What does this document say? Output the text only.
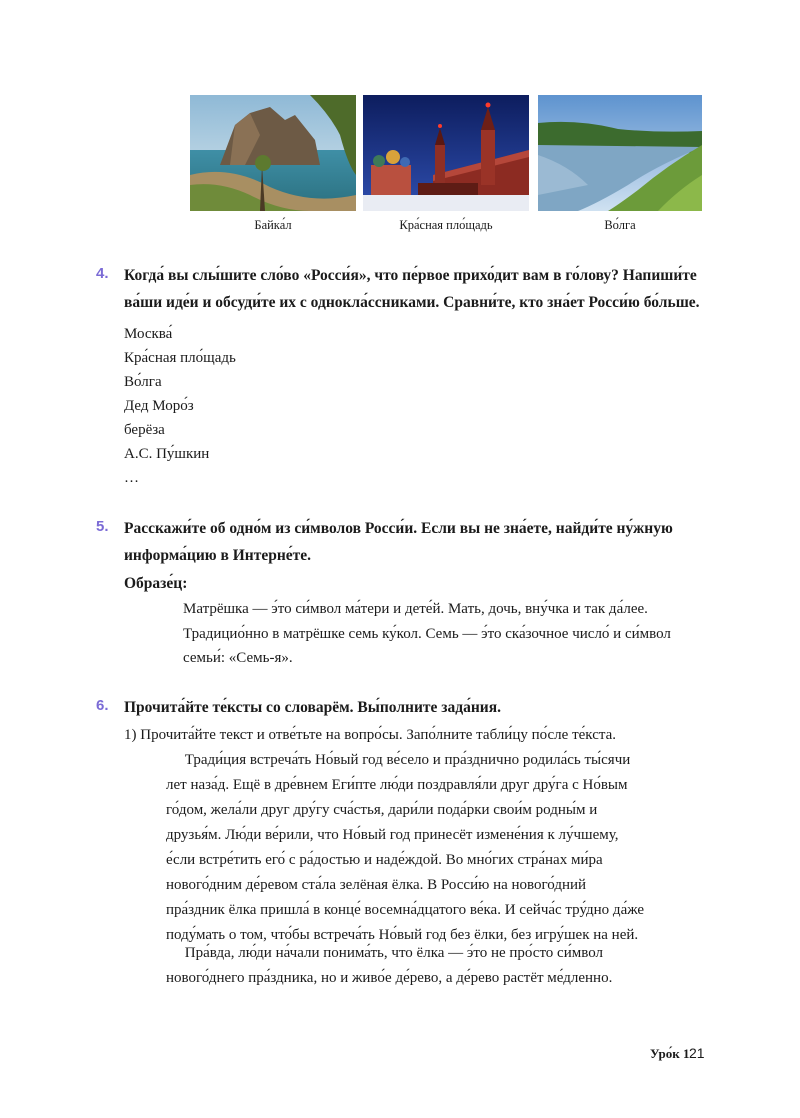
Байка́л	Кра́сная пло́щадь	Во́лга
4. Когда́ вы слы́шите сло́во «Росси́я», что пе́рвое прихо́дит вам в го́лову? Напиши́те
ва́ши иде́и и обсуди́те их с однокла́ссниками. Сравни́те, кто зна́ет Росси́ю бо́льше.
Москва́
Кра́сная пло́щадь
Во́лга
Дед Моро́з
берёза
А.С. Пу́шкин
…
5. Расскажи́те об одно́м из си́мволов Росси́и. Если вы не зна́ете, найди́те ну́жную
информа́цию в Интерне́те.
Образе́ц:
Матрёшка — э́то си́мвол ма́тери и дете́й. Мать, дочь, вну́чка и так да́лее.
Традицио́нно в матрёшке семь ку́кол. Семь — э́то ска́зочное число́ и си́мвол
семьи́: «Семь-я».
6. Прочита́йте те́ксты со словарём. Вы́полните зада́ния.
1) Прочита́йте текст и отве́тьте на вопро́сы. Запо́лните табли́цу по́сле те́кста.
Тради́ция встреча́ть Но́вый год ве́село и пра́зднично родила́сь ты́сячи
лет наза́д. Ещё в дре́внем Еги́пте лю́ди поздравля́ли друг дру́га с Но́вым
го́дом, жела́ли друг дру́гу сча́стья, дари́ли пода́рки свои́м родны́м и
друзья́м. Лю́ди ве́рили, что Но́вый год принесёт измене́ния к лу́чшему,
е́сли встре́тить его́ с ра́достью и наде́ждой. Во мно́гих стра́нах ми́ра
нового́дним де́ревом ста́ла зелёная ёлка. В Росси́ю на нового́дний
пра́здник ёлка пришла́ в конце́ восемна́дцатого ве́ка. И сейча́с тру́дно да́же
поду́мать о том, что́бы встреча́ть Но́вый год без ёлки, без игру́шек на ней.
Пра́вда, лю́ди на́чали понима́ть, что ёлка — э́то не про́сто си́мвол
нового́днего пра́здника, но и живо́е де́рево, а де́рево растёт ме́дленно.
Уро́к 1 21
